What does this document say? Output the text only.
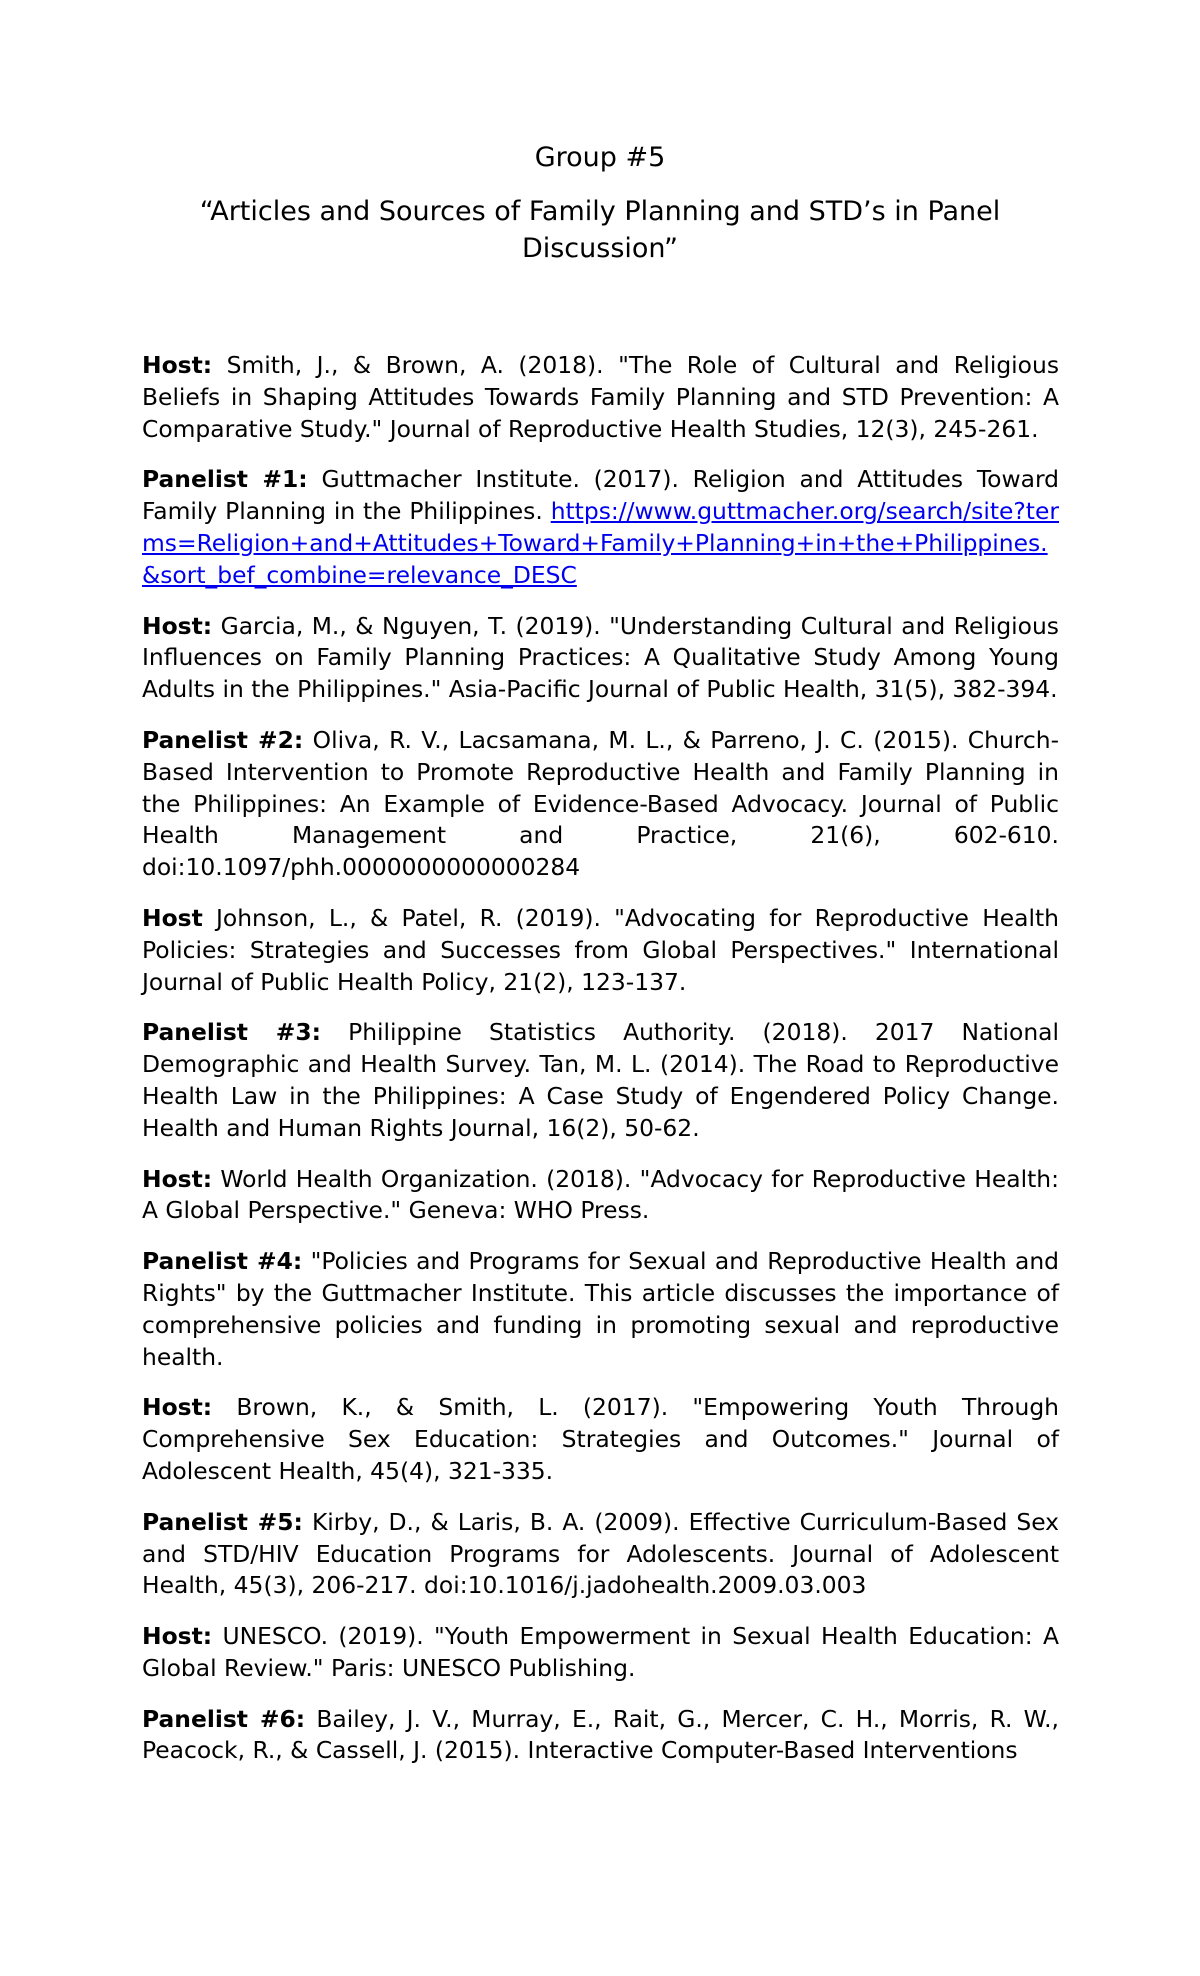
Group #5
“Articles and Sources of Family Planning and STD’s in Panel Discussion”

Host: Smith, J., & Brown, A. (2018). "The Role of Cultural and Religious Beliefs in Shaping Attitudes Towards Family Planning and STD Prevention: A Comparative Study." Journal of Reproductive Health Studies, 12(3), 245-261.

Panelist #1: Guttmacher Institute. (2017). Religion and Attitudes Toward Family Planning in the Philippines. https://www.guttmacher.org/search/site?terms=Religion+and+Attitudes+Toward+Family+Planning+in+the+Philippines.&sort_bef_combine=relevance_DESC

Host: Garcia, M., & Nguyen, T. (2019). "Understanding Cultural and Religious Influences on Family Planning Practices: A Qualitative Study Among Young Adults in the Philippines." Asia-Pacific Journal of Public Health, 31(5), 382-394.

Panelist #2: Oliva, R. V., Lacsamana, M. L., & Parreno, J. C. (2015). Church-Based Intervention to Promote Reproductive Health and Family Planning in the Philippines: An Example of Evidence-Based Advocacy. Journal of Public Health Management and Practice, 21(6), 602-610. doi:10.1097/phh.0000000000000284

Host Johnson, L., & Patel, R. (2019). "Advocating for Reproductive Health Policies: Strategies and Successes from Global Perspectives." International Journal of Public Health Policy, 21(2), 123-137.

Panelist #3: Philippine Statistics Authority. (2018). 2017 National Demographic and Health Survey. Tan, M. L. (2014). The Road to Reproductive Health Law in the Philippines: A Case Study of Engendered Policy Change. Health and Human Rights Journal, 16(2), 50-62.

Host: World Health Organization. (2018). "Advocacy for Reproductive Health: A Global Perspective." Geneva: WHO Press.

Panelist #4: "Policies and Programs for Sexual and Reproductive Health and Rights" by the Guttmacher Institute. This article discusses the importance of comprehensive policies and funding in promoting sexual and reproductive health.

Host: Brown, K., & Smith, L. (2017). "Empowering Youth Through Comprehensive Sex Education: Strategies and Outcomes." Journal of Adolescent Health, 45(4), 321-335.

Panelist #5: Kirby, D., & Laris, B. A. (2009). Effective Curriculum-Based Sex and STD/HIV Education Programs for Adolescents. Journal of Adolescent Health, 45(3), 206-217. doi:10.1016/j.jadohealth.2009.03.003

Host: UNESCO. (2019). "Youth Empowerment in Sexual Health Education: A Global Review." Paris: UNESCO Publishing.

Panelist #6: Bailey, J. V., Murray, E., Rait, G., Mercer, C. H., Morris, R. W., Peacock, R., & Cassell, J. (2015). Interactive Computer-Based Interventions
